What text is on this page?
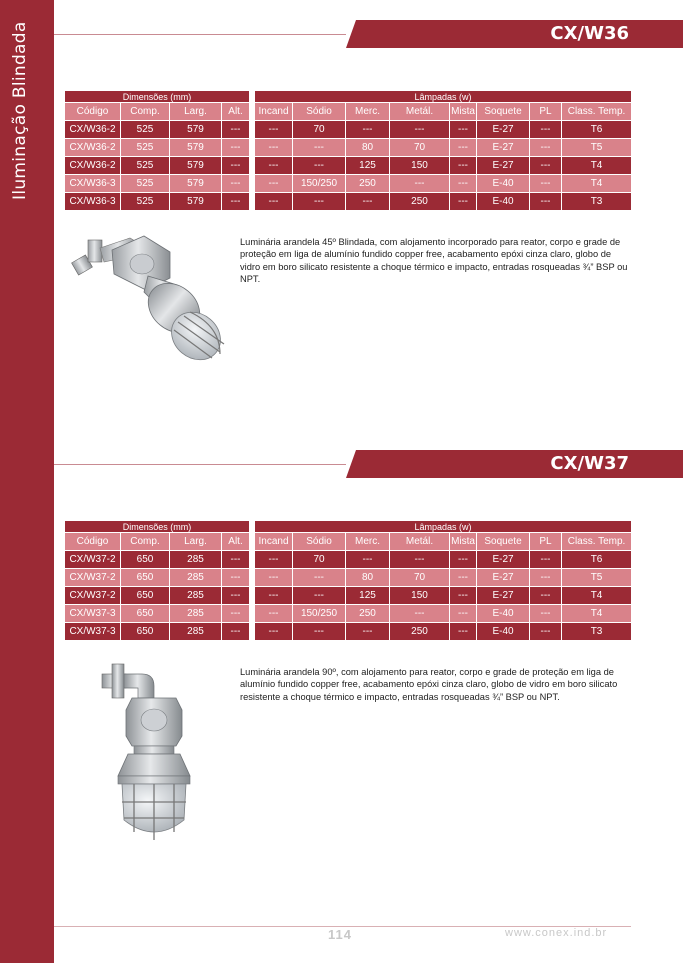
Iluminação Blindada	CX/W36
Dimensões (mm)					Lâmpadas (w)							
Código	Comp.	Larg.	Alt.		Incand	Sódio	Merc.	Metál.	Mista	Soquete	PL	Class. Temp.
CX/W36-2	525	579	---		---	70	---	---	---	E-27	---	T6
CX/W36-2	525	579	---		---	---	80	70	---	E-27	---	T5
CX/W36-2	525	579	---		---	---	125	150	---	E-27	---	T4
CX/W36-3	525	579	---		---	150/250	250	---	---	E-40	---	T4
CX/W36-3	525	579	---		---	---	---	250	---	E-40	---	T3
Luminária arandela 45º Blindada, com alojamento incorporado para reator, corpo e grade de proteção em liga de alumínio fundido copper free, acabamento epóxi cinza claro, globo de vidro em boro silicato resistente a choque térmico e impacto, entradas rosqueadas ¾” BSP ou NPT.
CX/W37
Dimensões (mm)					Lâmpadas (w)							
Código	Comp.	Larg.	Alt.		Incand	Sódio	Merc.	Metál.	Mista	Soquete	PL	Class. Temp.
CX/W37-2	650	285	---		---	70	---	---	---	E-27	---	T6
CX/W37-2	650	285	---		---	---	80	70	---	E-27	---	T5
CX/W37-2	650	285	---		---	---	125	150	---	E-27	---	T4
CX/W37-3	650	285	---		---	150/250	250	---	---	E-40	---	T4
CX/W37-3	650	285	---		---	---	---	250	---	E-40	---	T3
Luminária arandela 90º, com alojamento para reator, corpo e grade de proteção em liga de alumínio fundido copper free, acabamento epóxi cinza claro, globo de vidro em boro silicato resistente a choque térmico e impacto, entradas rosqueadas ¾” BSP ou NPT.
114	www.conex.ind.br
